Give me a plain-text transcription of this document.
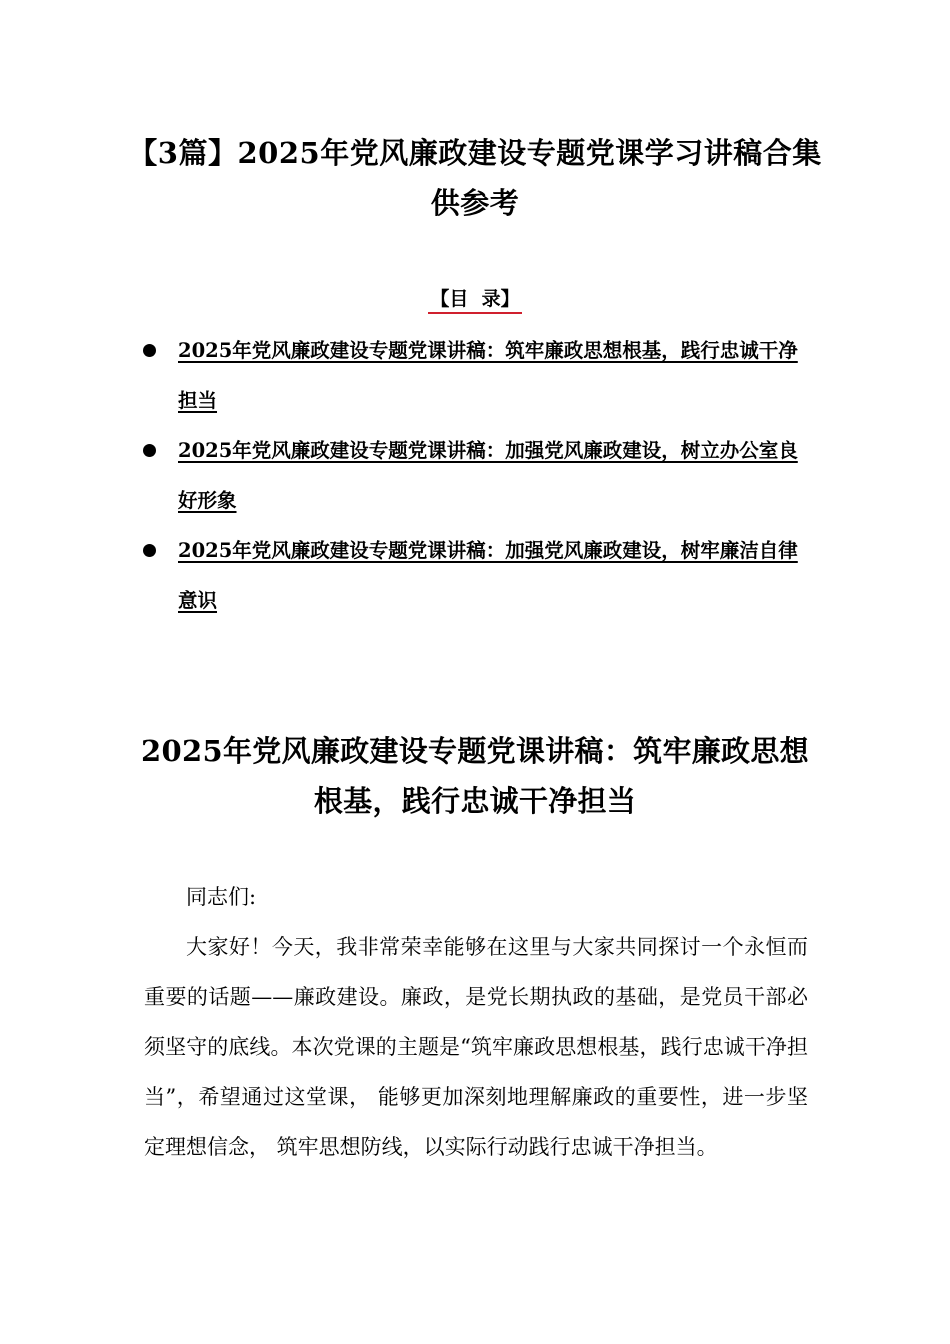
【3篇】2025年党风廉政建设专题党课学习讲稿合集供参考
【目  录】
2025年党风廉政建设专题党课讲稿：筑牢廉政思想根基，践行忠诚干净担当
2025年党风廉政建设专题党课讲稿：加强党风廉政建设，树立办公室良好形象
2025年党风廉政建设专题党课讲稿：加强党风廉政建设，树牢廉洁自律意识
2025年党风廉政建设专题党课讲稿：筑牢廉政思想根基，践行忠诚干净担当

同志们:

大家好！今天，我非常荣幸能够在这里与大家共同探讨一个永恒而重要的话题——廉政建设。廉政，是党长期执政的基础，是党员干部必须坚守的底线。本次党课的主题是“筑牢廉政思想根基，践行忠诚干净担当”，希望通过这堂课， 能够更加深刻地理解廉政的重要性，进一步坚定理想信念， 筑牢思想防线，以实际行动践行忠诚干净担当。
